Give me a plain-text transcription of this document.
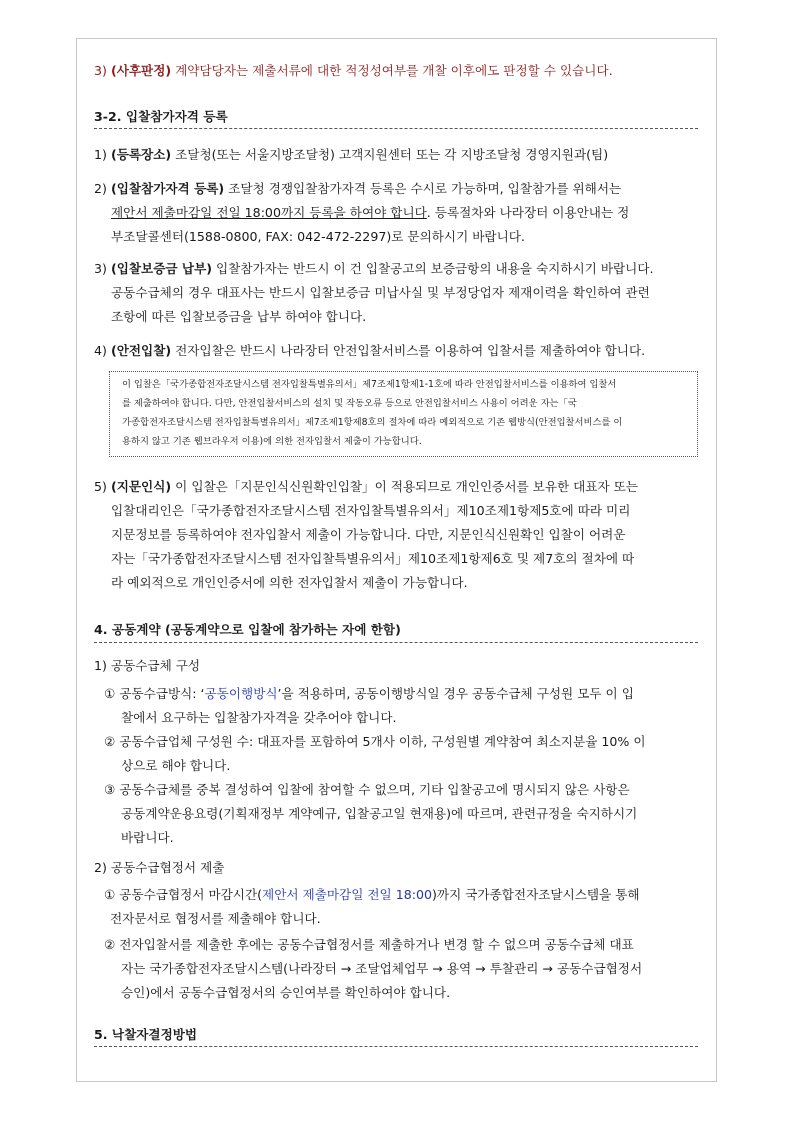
3) (사후판정) 계약담당자는 제출서류에 대한 적정성여부를 개찰 이후에도 판정할 수 있습니다.
3-2. 입찰참가자격 등록
1) (등록장소) 조달청(또는 서울지방조달청) 고객지원센터 또는 각 지방조달청 경영지원과(팀)
2) (입찰참가자격 등록) 조달청 경쟁입찰참가자격 등록은 수시로 가능하며, 입찰참가를 위해서는
제안서 제출마감일 전일 18:00까지 등록을 하여야 합니다. 등록절차와 나라장터 이용안내는 정
부조달콜센터(1588-0800, FAX: 042-472-2297)로 문의하시기 바랍니다.
3) (입찰보증금 납부) 입찰참가자는 반드시 이 건 입찰공고의 보증금항의 내용을 숙지하시기 바랍니다.
공동수급체의 경우 대표사는 반드시 입찰보증금 미납사실 및 부정당업자 제재이력을 확인하여 관련
조항에 따른 입찰보증금을 납부 하여야 합니다.
4) (안전입찰) 전자입찰은 반드시 나라장터 안전입찰서비스를 이용하여 입찰서를 제출하여야 합니다.
이 입찰은「국가종합전자조달시스템 전자입찰특별유의서」제7조제1항제1-1호에 따라 안전입찰서비스를 이용하여 입찰서
를 제출하여야 합니다. 다만, 안전입찰서비스의 설치 및 작동오류 등으로 안전입찰서비스 사용이 어려운 자는「국
가종합전자조달시스템 전자입찰특별유의서」제7조제1항제8호의 절차에 따라 예외적으로 기존 웹방식(안전입찰서비스를 이
용하지 않고 기존 웹브라우저 이용)에 의한 전자입찰서 제출이 가능합니다.
5) (지문인식) 이 입찰은「지문인식신원확인입찰」이 적용되므로 개인인증서를 보유한 대표자 또는
입찰대리인은「국가종합전자조달시스템 전자입찰특별유의서」제10조제1항제5호에 따라 미리
지문정보를 등록하여야 전자입찰서 제출이 가능합니다. 다만, 지문인식신원확인 입찰이 어려운
자는「국가종합전자조달시스템 전자입찰특별유의서」제10조제1항제6호 및 제7호의 절차에 따
라 예외적으로 개인인증서에 의한 전자입찰서 제출이 가능합니다.
4. 공동계약 (공동계약으로 입찰에 참가하는 자에 한함)
1) 공동수급체 구성
① 공동수급방식: ‘공동이행방식’을 적용하며, 공동이행방식일 경우 공동수급체 구성원 모두 이 입
찰에서 요구하는 입찰참가자격을 갖추어야 합니다.
② 공동수급업체 구성원 수: 대표자를 포함하여 5개사 이하, 구성원별 계약참여 최소지분율 10% 이
상으로 해야 합니다.
③ 공동수급체를 중복 결성하여 입찰에 참여할 수 없으며, 기타 입찰공고에 명시되지 않은 사항은
공동계약운용요령(기획재정부 계약예규, 입찰공고일 현재용)에 따르며, 관련규정을 숙지하시기
바랍니다.
2) 공동수급협정서 제출
① 공동수급협정서 마감시간(제안서 제출마감일 전일 18:00)까지 국가종합전자조달시스템을 통해
전자문서로 협정서를 제출해야 합니다.
② 전자입찰서를 제출한 후에는 공동수급협정서를 제출하거나 변경 할 수 없으며 공동수급체 대표
자는 국가종합전자조달시스템(나라장터 → 조달업체업무 → 용역 → 투찰관리 → 공동수급협정서
승인)에서 공동수급협정서의 승인여부를 확인하여야 합니다.
5. 낙찰자결정방법
